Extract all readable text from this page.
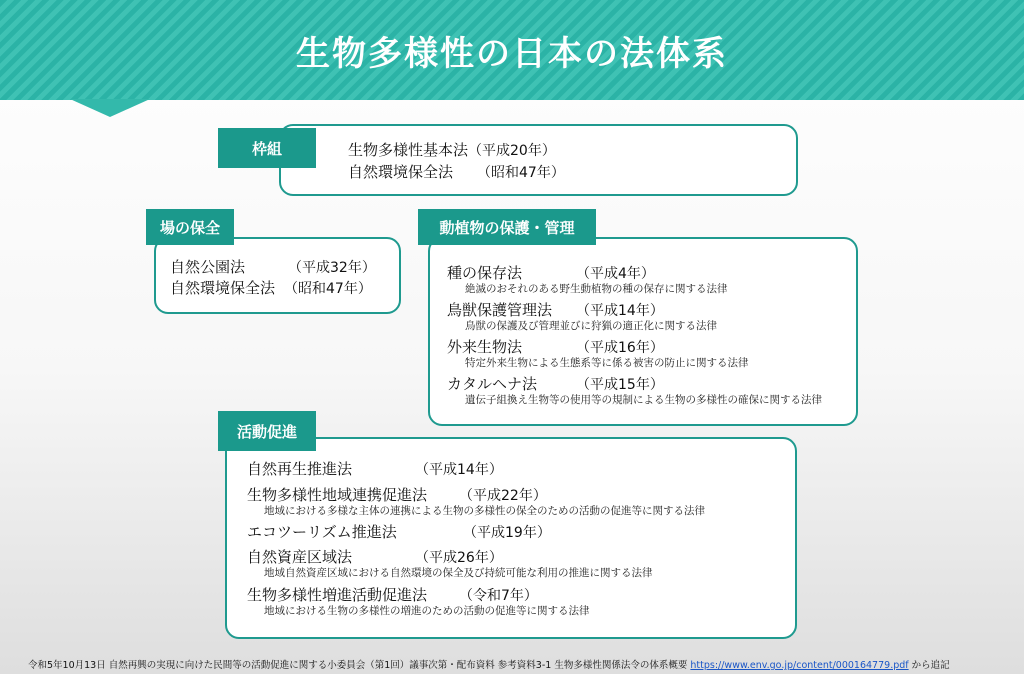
生物多様性の日本の法体系
枠組	生物多様性基本法 （平成20年）
自然環境保全法 （昭和47年）
場の保全
自然公園法	（平成32年）
自然環境保全法 （昭和47年）
動植物の保護・管理
種の保存法	（平成4年）
絶滅のおそれのある野生動植物の種の保存に関する法律
鳥獣保護管理法 （平成14年）
鳥獣の保護及び管理並びに狩猟の適正化に関する法律
外来生物法	（平成16年）
特定外来生物による生態系等に係る被害の防止に関する法律
カタルヘナ法	（平成15年）
遺伝子組換え生物等の使用等の規制による生物の多様性の確保に関する法律
活動促進
自然再生推進法	（平成14年）
生物多様性地域連携促進法 （平成22年）
地域における多様な主体の連携による生物の多様性の保全のための活動の促進等に関する法律
エコツーリズム推進法	（平成19年）
自然資産区域法	（平成26年）
地域自然資産区域における自然環境の保全及び持続可能な利用の推進に関する法律
生物多様性増進活動促進法 （令和7年）
地域における生物の多様性の増進のための活動の促進等に関する法律
令和5年10月13日 自然再興の実現に向けた民間等の活動促進に関する小委員会（第1回）議事次第・配布資料 参考資料3-1 生物多様性関係法令の体系概要 https://www.env.go.jp/content/000164779.pdf から追記
